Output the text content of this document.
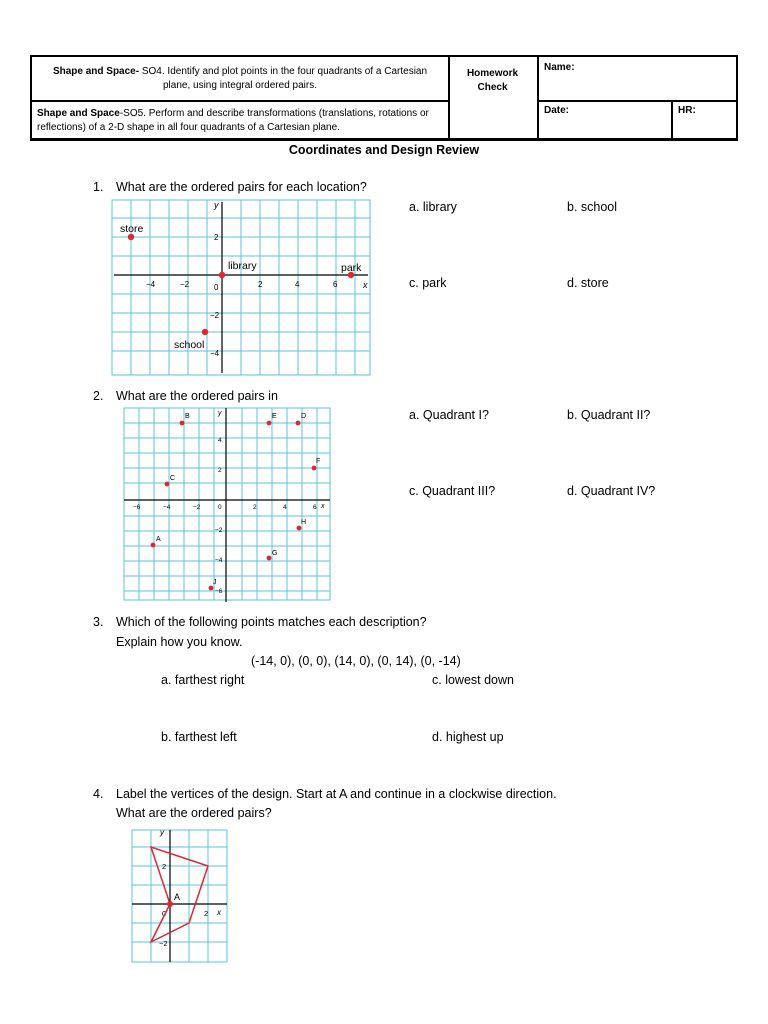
Shape and Space- SO4. Identify and plot points in the four quadrants of a Cartesian plane, using integral ordered pairs.
Homework Check
Name:
Shape and Space-SO5. Perform and describe transformations (translations, rotations or reflections) of a 2-D shape in all four quadrants of a Cartesian plane.
Date:	HR:
Coordinates and Design Review
1. What are the ordered pairs for each location?
a. library	b. school
c. park	d. store
y
x
−4	−2	2	4	6
2
−2
−4
0
store
library	park
school
2. What are the ordered pairs in
a. Quadrant I?	b. Quadrant II?
c. Quadrant III?	d. Quadrant IV?
y
x
−6	−4	−2	2	4	6
4
2
−2
−4
−6
0
B	E	D
F
C
H
A
G
J
3. Which of the following points matches each description?
Explain how you know.
(-14, 0), (0, 0), (14, 0), (0, 14), (0, -14)
a. farthest right	c. lowest down
b. farthest left	d. highest up
4. Label the vertices of the design. Start at A and continue in a clockwise direction.
What are the ordered pairs?
y
x
2
2
−2
0
A
